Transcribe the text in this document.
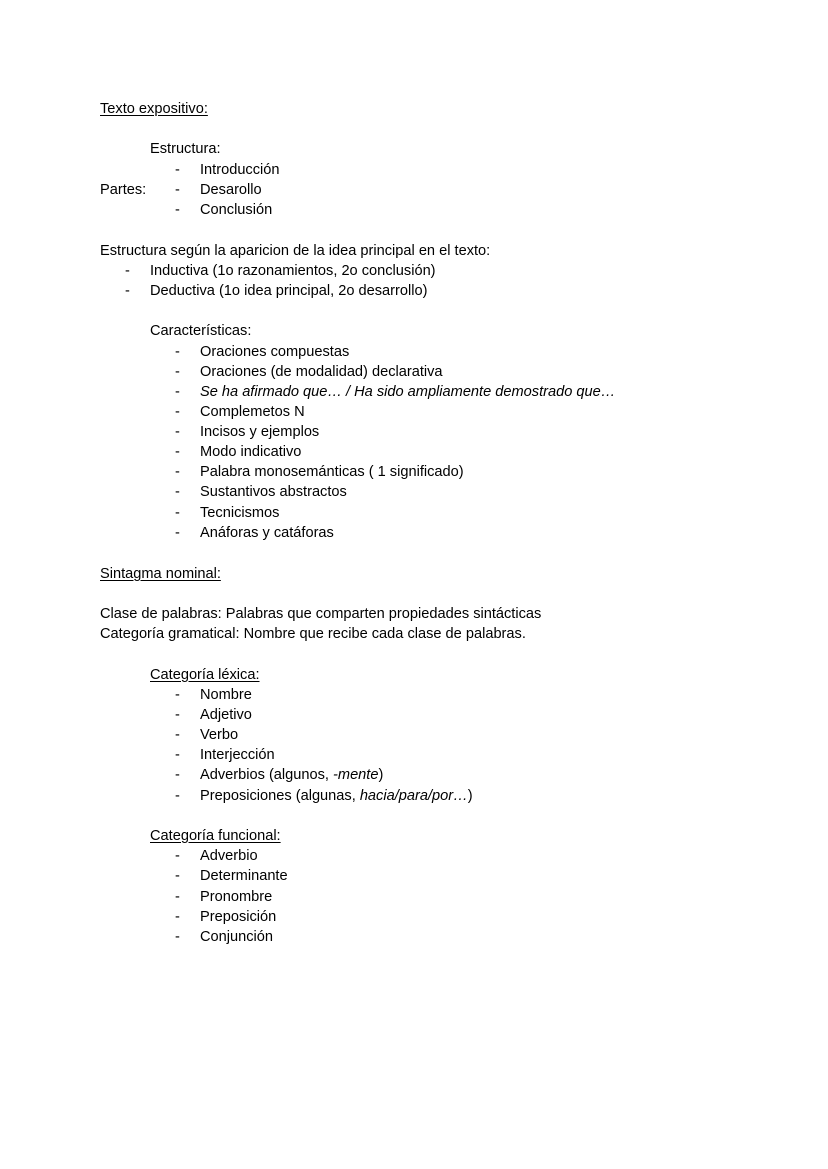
Texto expositivo:
Estructura:
- Introducción
Partes: - Desarollo
- Conclusión
Estructura según la aparicion de la idea principal en el texto:
- Inductiva (1o razonamientos, 2o conclusión)
- Deductiva (1o idea principal, 2o desarrollo)
Características:
- Oraciones compuestas
- Oraciones (de modalidad) declarativa
- Se ha afirmado que… / Ha sido ampliamente demostrado que…
- Complemetos N
- Incisos y ejemplos
- Modo indicativo
- Palabra monosemánticas ( 1 significado)
- Sustantivos abstractos
- Tecnicismos
- Anáforas y catáforas
Sintagma nominal:
Clase de palabras: Palabras que comparten propiedades sintácticas
Categoría gramatical: Nombre que recibe cada clase de palabras.
Categoría léxica:
- Nombre
- Adjetivo
- Verbo
- Interjección
- Adverbios (algunos, -mente)
- Preposiciones (algunas, hacia/para/por…)
Categoría funcional:
- Adverbio
- Determinante
- Pronombre
- Preposición
- Conjunción
